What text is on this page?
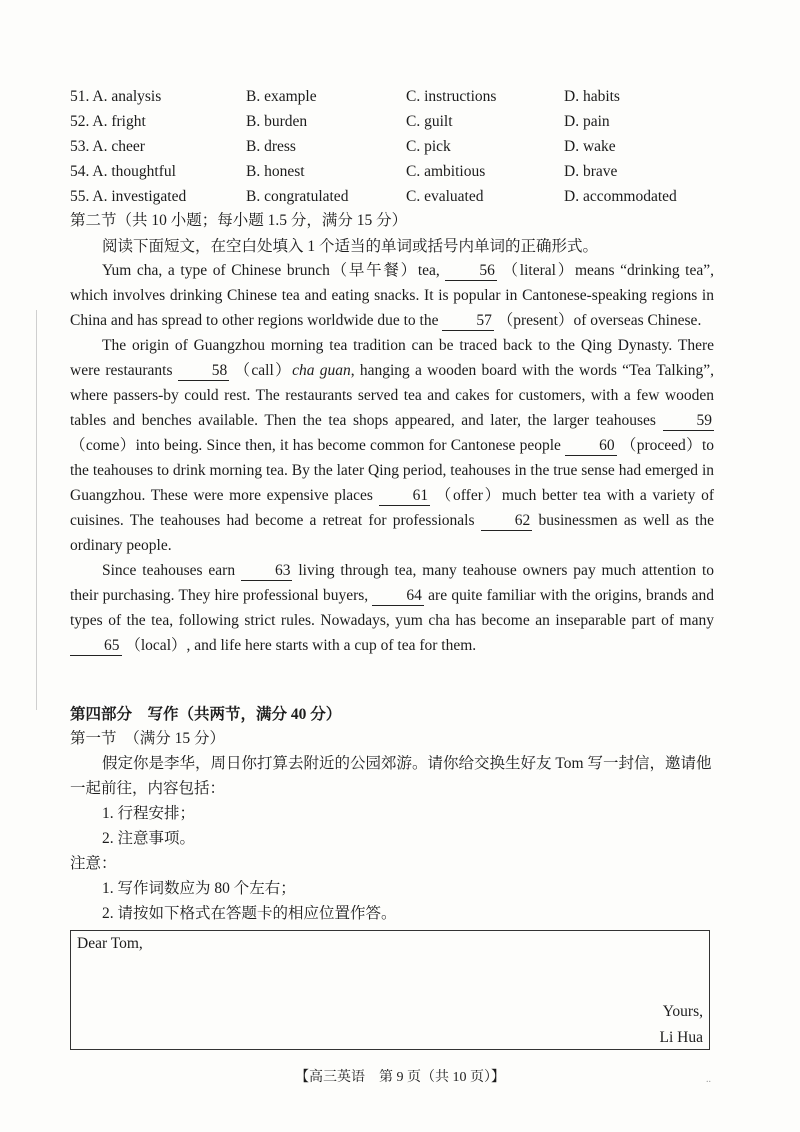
51. A. analysis	B. example	C. instructions	D. habits
52. A. fright	B. burden	C. guilt	D. pain
53. A. cheer	B. dress	C. pick	D. wake
54. A. thoughtful	B. honest	C. ambitious	D. brave
55. A. investigated	B. congratulated	C. evaluated	D. accommodated
第二节（共 10 小题；每小题 1.5 分，满分 15 分）
阅读下面短文，在空白处填入 1 个适当的单词或括号内单词的正确形式。

Yum cha, a type of Chinese brunch（早午餐）tea,	56 （literal）means “drinking tea”, which involves drinking Chinese tea and eating snacks. It is popular in Cantonese-speaking regions in China and has spread to other regions worldwide due to the 57 （present）of overseas Chinese.

The origin of Guangzhou morning tea tradition can be traced back to the Qing Dynasty. There were restaurants	58 （call）cha guan, hanging a wooden board with the words “Tea Talking”, where passers-by could rest. The restaurants served tea and cakes for customers, with a few wooden tables and benches available. Then the tea shops appeared, and later, the larger teahouses	59 （come）into being. Since then, it has become common for Cantonese people 60 （proceed）to the teahouses to drink morning tea. By the later Qing period, teahouses in the true sense had emerged in Guangzhou. These were more expensive places	61 （offer）much better tea with a variety of cuisines. The teahouses had become a retreat for professionals	62 businessmen as well as the ordinary people.

Since teahouses earn	63 living through tea, many teahouse owners pay much attention to their purchasing. They hire professional buyers, 64 are quite familiar with the origins, brands and types of the tea, following strict rules. Nowadays, yum cha has become an inseparable part of many 65 （local）, and life here starts with a cup of tea for them.

第四部分　写作（共两节，满分 40 分）

第一节　（满分 15 分）

假定你是李华，周日你打算去附近的公园郊游。请你给交换生好友 Tom 写一封信，邀请他一起前往，内容包括：

1. 行程安排；

2. 注意事项。

注意：

1. 写作词数应为 80 个左右；

2. 请按如下格式在答题卡的相应位置作答。

Dear Tom,
Yours,
Li Hua
【高三英语　第 9 页（共 10 页）】	..
